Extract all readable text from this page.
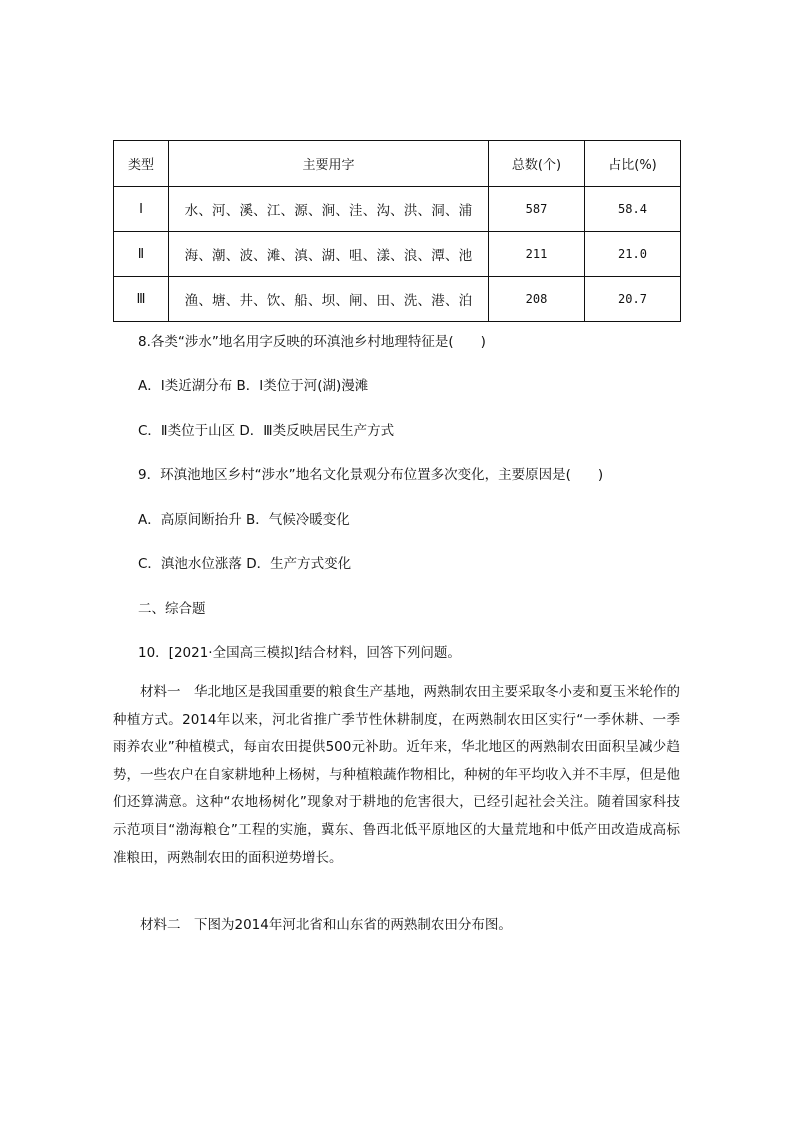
类型	主要用字	总数(个)	占比(%)
Ⅰ	水、河、溪、江、源、涧、洼、沟、洪、洞、浦	587	58.4
Ⅱ	海、潮、波、滩、滇、湖、咀、漾、浪、潭、池	211	21.0
Ⅲ	渔、塘、井、饮、船、坝、闸、田、洗、港、泊	208	20.7
8.各类“涉水”地名用字反映的环滇池乡村地理特征是(　　)
A．Ⅰ类近湖分布 B．Ⅰ类位于河(湖)漫滩
C．Ⅱ类位于山区 D．Ⅲ类反映居民生产方式
9．环滇池地区乡村“涉水”地名文化景观分布位置多次变化，主要原因是(　　)
A．高原间断抬升 B．气候冷暖变化
C．滇池水位涨落 D．生产方式变化
二、综合题
10．[2021·全国高三模拟]结合材料，回答下列问题。
材料一　华北地区是我国重要的粮食生产基地，两熟制农田主要采取冬小麦和夏玉米轮作的种植方式。2014年以来，河北省推广季节性休耕制度，在两熟制农田区实行“一季休耕、一季雨养农业”种植模式，每亩农田提供500元补助。近年来，华北地区的两熟制农田面积呈减少趋势，一些农户在自家耕地种上杨树，与种植粮蔬作物相比，种树的年平均收入并不丰厚，但是他们还算满意。这种“农地杨树化”现象对于耕地的危害很大，已经引起社会关注。随着国家科技示范项目“渤海粮仓”工程的实施，冀东、鲁西北低平原地区的大量荒地和中低产田改造成高标准粮田，两熟制农田的面积逆势增长。
材料二　下图为2014年河北省和山东省的两熟制农田分布图。
